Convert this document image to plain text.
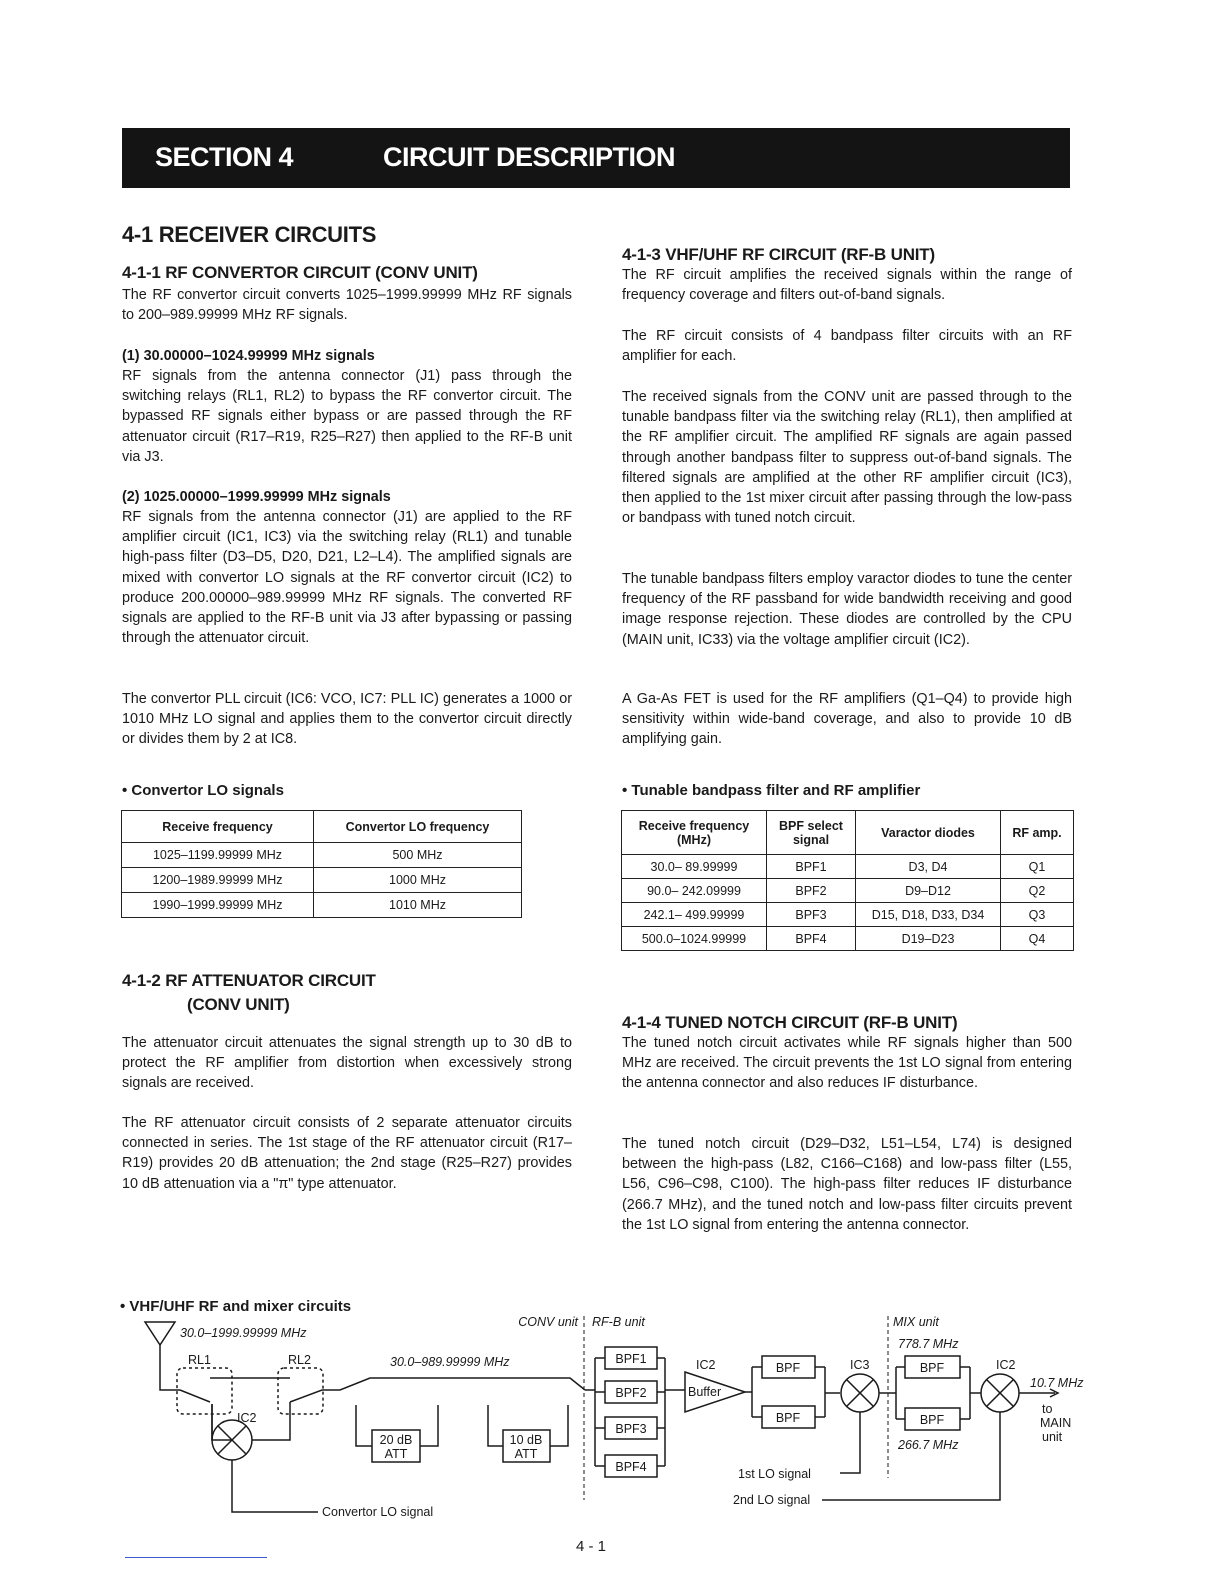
SECTION 4	CIRCUIT DESCRIPTION
4-1 RECEIVER CIRCUITS
4-1-1 RF CONVERTOR CIRCUIT (CONV UNIT)
The RF convertor circuit converts 1025–1999.99999 MHz RF signals to 200–989.99999 MHz RF signals.
(1) 30.00000–1024.99999 MHz signals
RF signals from the antenna connector (J1) pass through the switching relays (RL1, RL2) to bypass the RF convertor circuit. The bypassed RF signals either bypass or are passed through the RF attenuator circuit (R17–R19, R25–R27) then applied to the RF-B unit via J3.
(2) 1025.00000–1999.99999 MHz signals
RF signals from the antenna connector (J1) are applied to the RF amplifier circuit (IC1, IC3) via the switching relay (RL1) and tunable high-pass filter (D3–D5, D20, D21, L2–L4). The amplified signals are mixed with convertor LO signals at the RF convertor circuit (IC2) to produce 200.00000–989.99999 MHz RF signals. The converted RF signals are applied to the RF-B unit via J3 after bypassing or passing through the attenuator circuit.
The convertor PLL circuit (IC6: VCO, IC7: PLL IC) generates a 1000 or 1010 MHz LO signal and applies them to the convertor circuit directly or divides them by 2 at IC8.
• Convertor LO signals
Receive frequency	Convertor LO frequency
1025–1199.99999 MHz	500 MHz
1200–1989.99999 MHz	1000 MHz
1990–1999.99999 MHz	1010 MHz
4-1-2 RF ATTENUATOR CIRCUIT
(CONV UNIT)
The attenuator circuit attenuates the signal strength up to 30 dB to protect the RF amplifier from distortion when excessively strong signals are received.
The RF attenuator circuit consists of 2 separate attenuator circuits connected in series. The 1st stage of the RF attenuator circuit (R17–R19) provides 20 dB attenuation; the 2nd stage (R25–R27) provides 10 dB attenuation via a "π" type attenuator.
4-1-3 VHF/UHF RF CIRCUIT (RF-B UNIT)
The RF circuit amplifies the received signals within the range of frequency coverage and filters out-of-band signals.
The RF circuit consists of 4 bandpass filter circuits with an RF amplifier for each.
The received signals from the CONV unit are passed through to the tunable bandpass filter via the switching relay (RL1), then amplified at the RF amplifier circuit. The amplified RF signals are again passed through another bandpass filter to suppress out-of-band signals. The filtered signals are amplified at the other RF amplifier circuit (IC3), then applied to the 1st mixer circuit after passing through the low-pass or bandpass with tuned notch circuit.
The tunable bandpass filters employ varactor diodes to tune the center frequency of the RF passband for wide bandwidth receiving and good image response rejection. These diodes are controlled by the CPU (MAIN unit, IC33) via the voltage amplifier circuit (IC2).
A Ga-As FET is used for the RF amplifiers (Q1–Q4) to provide high sensitivity within wide-band coverage, and also to provide 10 dB amplifying gain.
• Tunable bandpass filter and RF amplifier
Receive frequency (MHz)	BPF select signal	Varactor diodes	RF amp.
30.0– 89.99999	BPF1	D3, D4	Q1
90.0– 242.09999	BPF2	D9–D12	Q2
242.1– 499.99999	BPF3	D15, D18, D33, D34	Q3
500.0–1024.99999	BPF4	D19–D23	Q4
4-1-4 TUNED NOTCH CIRCUIT (RF-B UNIT)
The tuned notch circuit activates while RF signals higher than 500 MHz are received. The circuit prevents the 1st LO signal from entering the antenna connector and also reduces IF disturbance.
The tuned notch circuit (D29–D32, L51–L54, L74) is designed between the high-pass (L82, C166–C168) and low-pass filter (L55, L56, C96–C98, C100). The high-pass filter reduces IF disturbance (266.7 MHz), and the tuned notch and low-pass filter circuits prevent the 1st LO signal from entering the antenna connector.
• VHF/UHF RF and mixer circuits
30.0–1999.99999 MHz
RL1	RL2
IC2
Convertor LO signal
30.0–989.99999 MHz
20 dB
ATT
10 dB
ATT
CONV unit RF-B unit
BPF1
BPF2
BPF3
BPF4
IC2
Buffer
BPF
BPF
IC3
1st LO signal
MIX unit
778.7 MHz
BPF
BPF
266.7 MHz
IC2
10.7 MHz
to
MAIN
unit
2nd LO signal
4 - 1
